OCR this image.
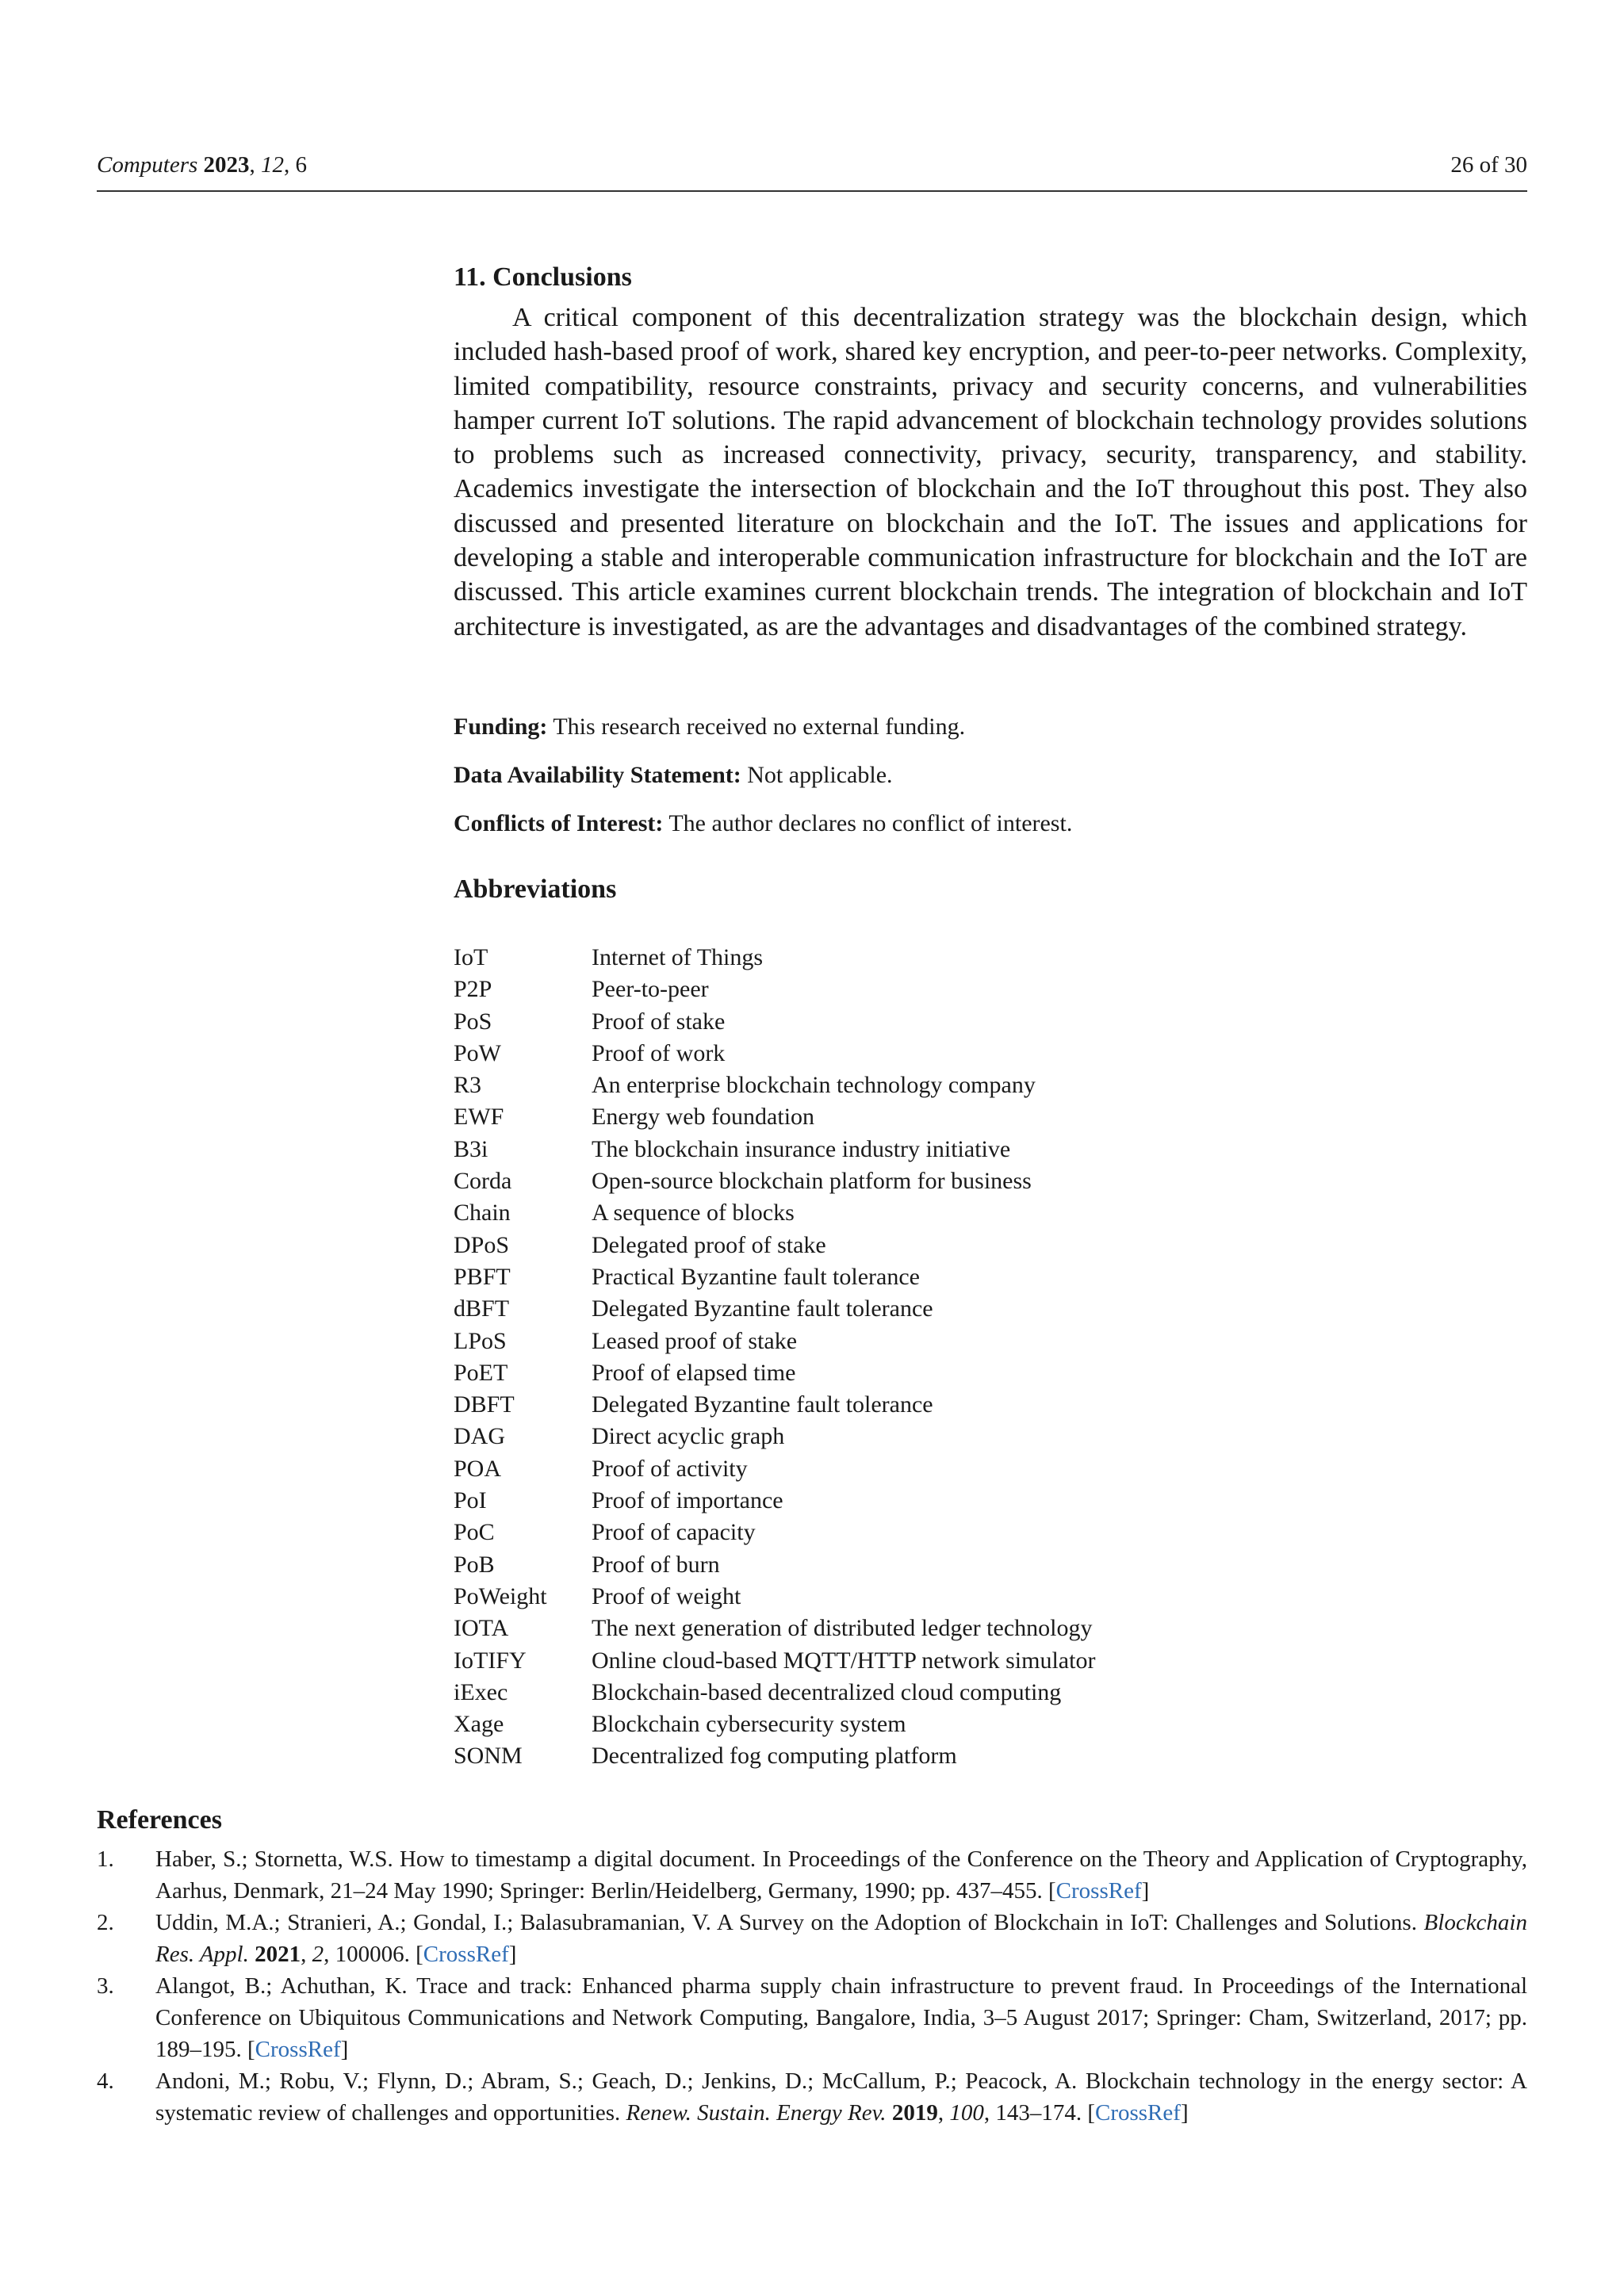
Computers 2023, 12, 6	26 of 30
11. Conclusions

A critical component of this decentralization strategy was the blockchain design, which included hash-based proof of work, shared key encryption, and peer-to-peer networks. Complexity, limited compatibility, resource constraints, privacy and security concerns, and vulnerabilities hamper current IoT solutions. The rapid advancement of blockchain technology provides solutions to problems such as increased connectivity, privacy, security, transparency, and stability. Academics investigate the intersection of blockchain and the IoT throughout this post. They also discussed and presented literature on blockchain and the IoT. The issues and applications for developing a stable and interoperable communication infrastructure for blockchain and the IoT are discussed. This article examines current blockchain trends. The integration of blockchain and IoT architecture is investigated, as are the advantages and disadvantages of the combined strategy.

Funding: This research received no external funding.
Data Availability Statement: Not applicable.
Conflicts of Interest: The author declares no conflict of interest.
Abbreviations
IoT	Internet of Things
P2P	Peer-to-peer
PoS	Proof of stake
PoW	Proof of work
R3	An enterprise blockchain technology company
EWF	Energy web foundation
B3i	The blockchain insurance industry initiative
Corda	Open-source blockchain platform for business
Chain	A sequence of blocks
DPoS	Delegated proof of stake
PBFT	Practical Byzantine fault tolerance
dBFT	Delegated Byzantine fault tolerance
LPoS	Leased proof of stake
PoET	Proof of elapsed time
DBFT	Delegated Byzantine fault tolerance
DAG	Direct acyclic graph
POA	Proof of activity
PoI	Proof of importance
PoC	Proof of capacity
PoB	Proof of burn
PoWeight	Proof of weight
IOTA	The next generation of distributed ledger technology
IoTIFY	Online cloud-based MQTT/HTTP network simulator
iExec	Blockchain-based decentralized cloud computing
Xage	Blockchain cybersecurity system
SONM	Decentralized fog computing platform
References
1. Haber, S.; Stornetta, W.S. How to timestamp a digital document. In Proceedings of the Conference on the Theory and Application of Cryptography, Aarhus, Denmark, 21–24 May 1990; Springer: Berlin/Heidelberg, Germany, 1990; pp. 437–455. [CrossRef]
2. Uddin, M.A.; Stranieri, A.; Gondal, I.; Balasubramanian, V. A Survey on the Adoption of Blockchain in IoT: Challenges and Solutions. Blockchain Res. Appl. 2021, 2, 100006. [CrossRef]
3. Alangot, B.; Achuthan, K. Trace and track: Enhanced pharma supply chain infrastructure to prevent fraud. In Proceedings of the International Conference on Ubiquitous Communications and Network Computing, Bangalore, India, 3–5 August 2017; Springer: Cham, Switzerland, 2017; pp. 189–195. [CrossRef]
4. Andoni, M.; Robu, V.; Flynn, D.; Abram, S.; Geach, D.; Jenkins, D.; McCallum, P.; Peacock, A. Blockchain technology in the energy sector: A systematic review of challenges and opportunities. Renew. Sustain. Energy Rev. 2019, 100, 143–174. [CrossRef]
